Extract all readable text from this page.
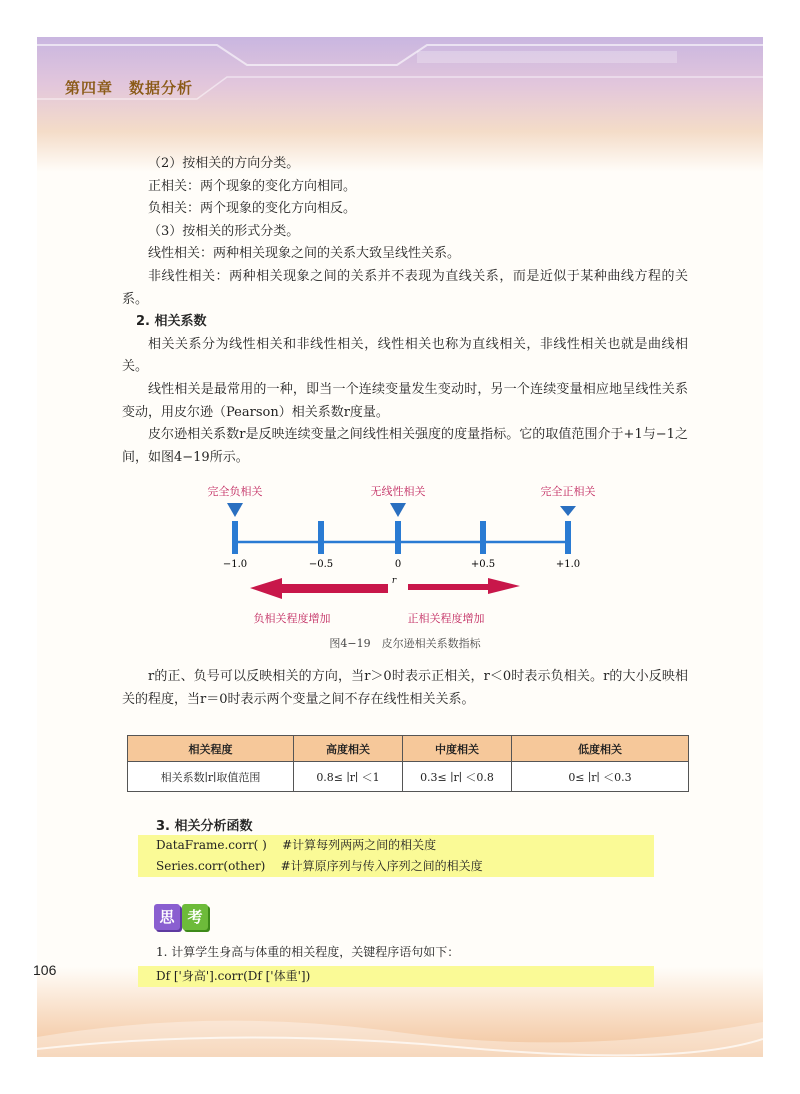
第四章　数据分析
106

（2）按相关的方向分类。

正相关：两个现象的变化方向相同。

负相关：两个现象的变化方向相反。

（3）按相关的形式分类。

线性相关：两种相关现象之间的关系大致呈线性关系。

非线性相关：两种相关现象之间的关系并不表现为直线关系，而是近似于某种曲线方程的关系。

2. 相关系数

相关关系分为线性相关和非线性相关，线性相关也称为直线相关，非线性相关也就是曲线相关。

线性相关是最常用的一种，即当一个连续变量发生变动时，另一个连续变量相应地呈线性关系变动，用皮尔逊（Pearson）相关系数r度量。

皮尔逊相关系数r是反映连续变量之间线性相关强度的度量指标。它的取值范围介于+1与−1之间，如图4−19所示。

完全负相关	无线性相关	完全正相关
−1.0	−0.5	0	+0.5	+1.0
r
负相关程度增加	正相关程度增加
图4−19　皮尔逊相关系数指标

r的正、负号可以反映相关的方向，当r＞0时表示正相关，r＜0时表示负相关。r的大小反映相关的程度，当r＝0时表示两个变量之间不存在线性相关关系。

相关程度	高度相关	中度相关	低度相关
相关系数∣r∣取值范围	0.8≤ ∣r∣ ＜1	0.3≤ ∣r∣ ＜0.8	0≤ ∣r∣ ＜0.3
3. 相关分析函数
DataFrame.corr( )    #计算每列两两之间的相关度
Series.corr(other)    #计算原序列与传入序列之间的相关度
思 考
1. 计算学生身高与体重的相关程度，关键程序语句如下：
Df ['身高'].corr(Df ['体重'])
